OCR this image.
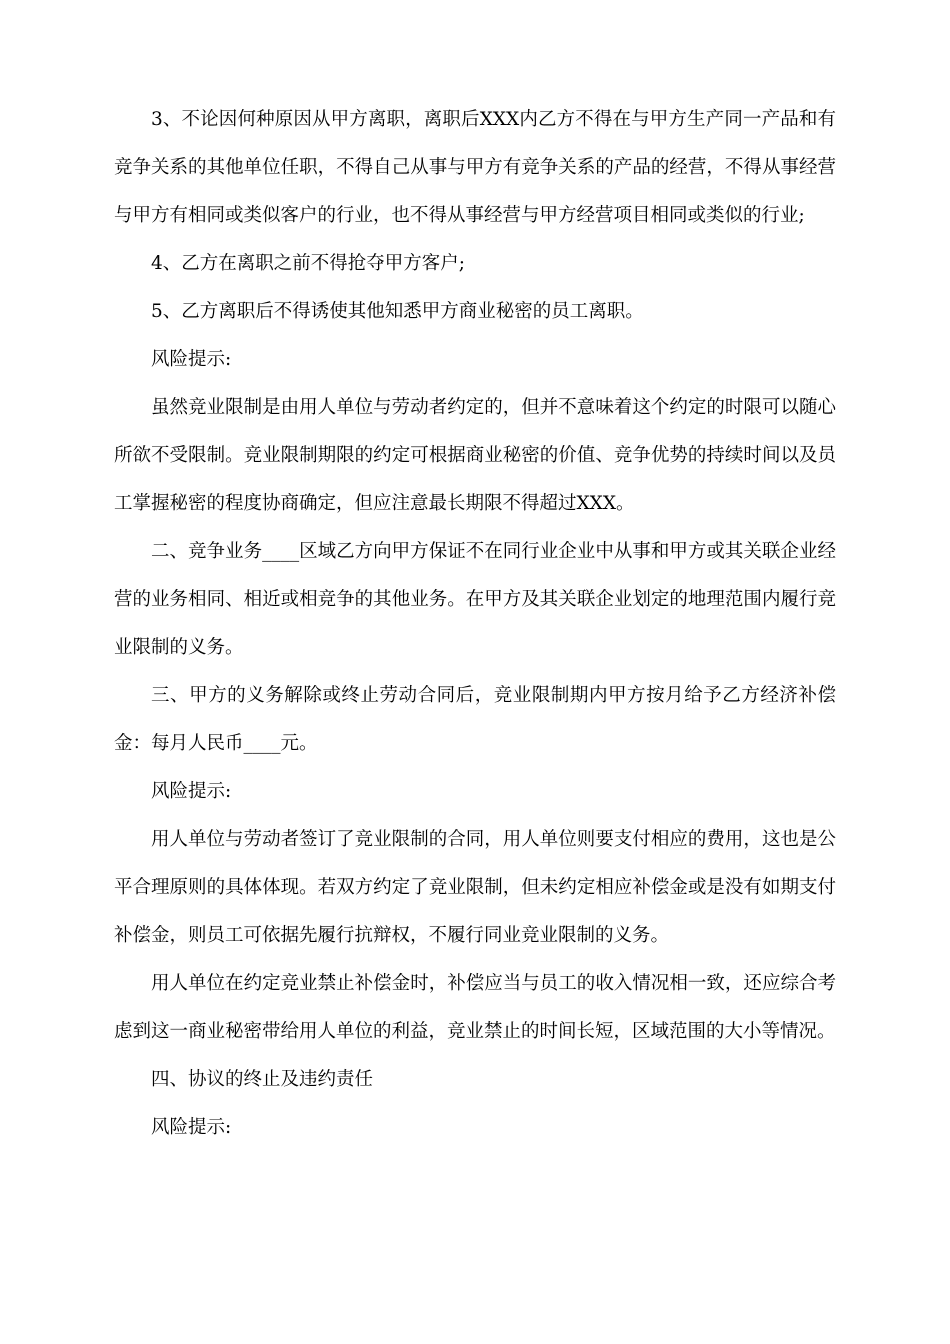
3、不论因何种原因从甲方离职，离职后XXX内乙方不得在与甲方生产同一产品和有竞争关系的其他单位任职，不得自己从事与甲方有竞争关系的产品的经营，不得从事经营与甲方有相同或类似客户的行业，也不得从事经营与甲方经营项目相同或类似的行业;

4、乙方在离职之前不得抢夺甲方客户;

5、乙方离职后不得诱使其他知悉甲方商业秘密的员工离职。

风险提示:

虽然竞业限制是由用人单位与劳动者约定的，但并不意味着这个约定的时限可以随心所欲不受限制。竞业限制期限的约定可根据商业秘密的价值、竞争优势的持续时间以及员工掌握秘密的程度协商确定，但应注意最长期限不得超过XXX。

二、竞争业务____区域乙方向甲方保证不在同行业企业中从事和甲方或其关联企业经营的业务相同、相近或相竞争的其他业务。在甲方及其关联企业划定的地理范围内履行竞业限制的义务。

三、甲方的义务解除或终止劳动合同后，竞业限制期内甲方按月给予乙方经济补偿金：每月人民币____元。

风险提示:

用人单位与劳动者签订了竞业限制的合同，用人单位则要支付相应的费用，这也是公平合理原则的具体体现。若双方约定了竞业限制，但未约定相应补偿金或是没有如期支付补偿金，则员工可依据先履行抗辩权，不履行同业竞业限制的义务。

用人单位在约定竞业禁止补偿金时，补偿应当与员工的收入情况相一致，还应综合考虑到这一商业秘密带给用人单位的利益，竞业禁止的时间长短，区域范围的大小等情况。

四、协议的终止及违约责任

风险提示:
